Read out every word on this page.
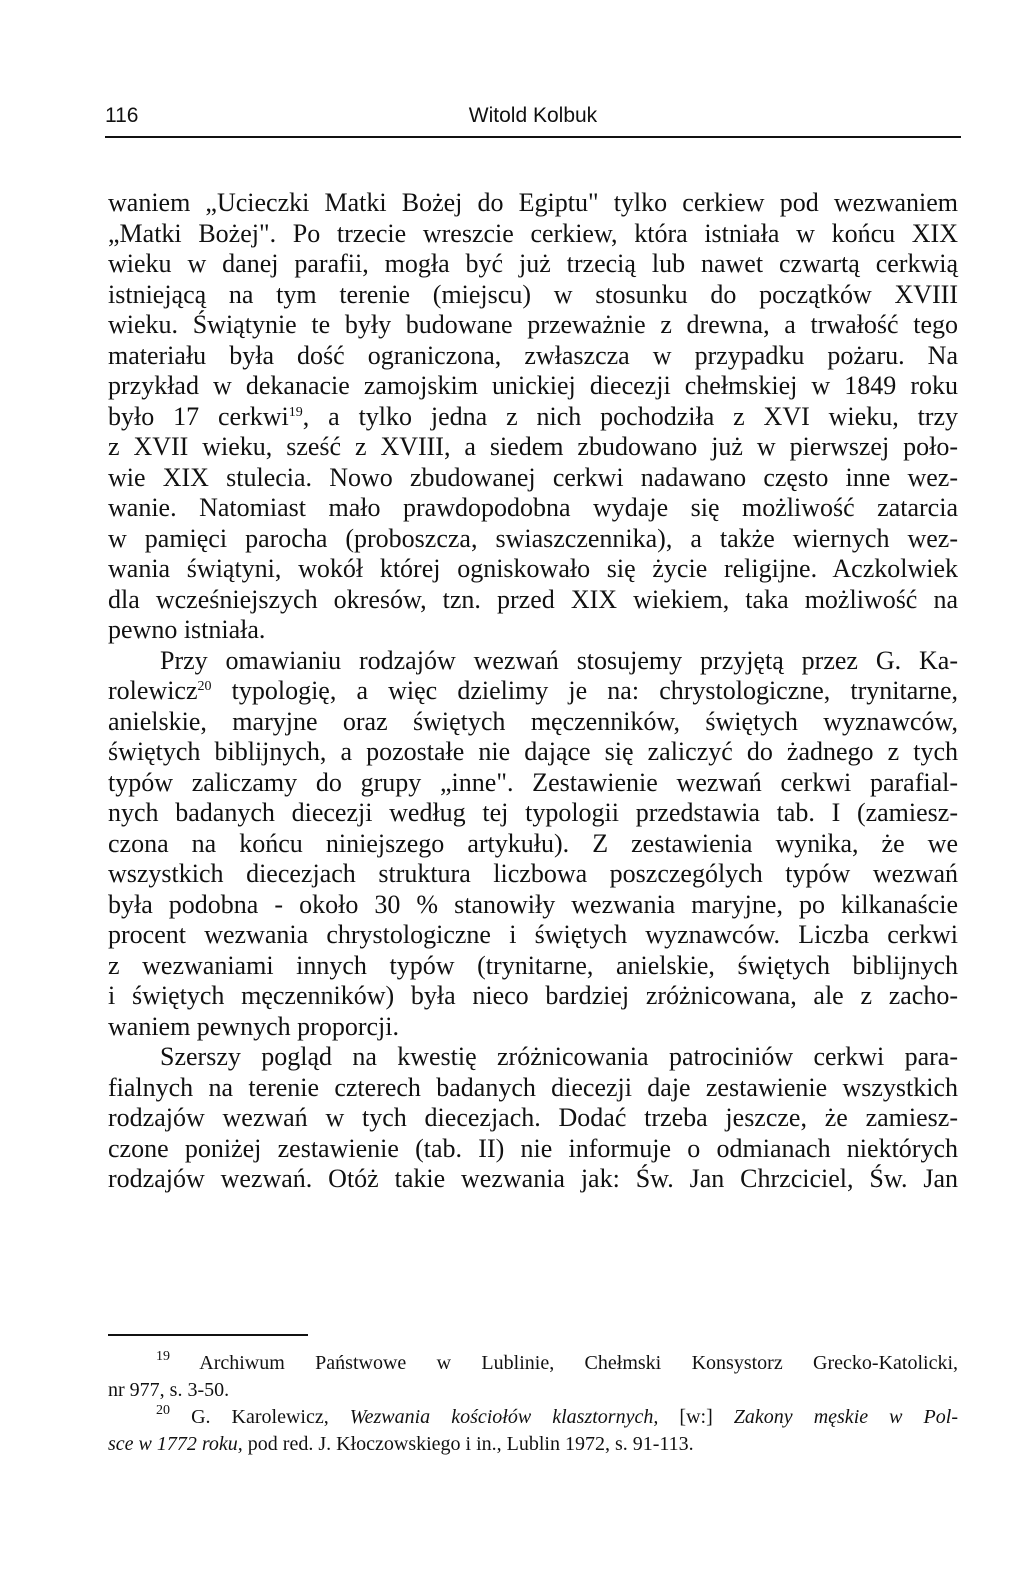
116	Witold Kolbuk
waniem „Ucieczki Matki Bożej do Egiptu" tylko cerkiew pod wezwaniem
„Matki Bożej". Po trzecie wreszcie cerkiew, która istniała w końcu XIX
wieku w danej parafii, mogła być już trzecią lub nawet czwartą cerkwią
istniejącą na tym terenie (miejscu) w stosunku do początków XVIII
wieku. Świątynie te były budowane przeważnie z drewna, a trwałość tego
materiału była dość ograniczona, zwłaszcza w przypadku pożaru. Na
przykład w dekanacie zamojskim unickiej diecezji chełmskiej w 1849 roku
było 17 cerkwi$^{19}$, a tylko jedna z nich pochodziła z XVI wieku, trzy
z XVII wieku, sześć z XVIII, a siedem zbudowano już w pierwszej poło-
wie XIX stulecia. Nowo zbudowanej cerkwi nadawano często inne wez-
wanie. Natomiast mało prawdopodobna wydaje się możliwość zatarcia
w pamięci parocha (proboszcza, swiaszczennika), a także wiernych wez-
wania świątyni, wokół której ogniskowało się życie religijne. Aczkolwiek
dla wcześniejszych okresów, tzn. przed XIX wiekiem, taka możliwość na
pewno istniała.
Przy omawianiu rodzajów wezwań stosujemy przyjętą przez G. Ka-
rolewicz$^{20}$ typologię, a więc dzielimy je na: chrystologiczne, trynitarne,
anielskie, maryjne oraz świętych męczenników, świętych wyznawców,
świętych biblijnych, a pozostałe nie dające się zaliczyć do żadnego z tych
typów zaliczamy do grupy „inne". Zestawienie wezwań cerkwi parafial-
nych badanych diecezji według tej typologii przedstawia tab. I (zamiesz-
czona na końcu niniejszego artykułu). Z zestawienia wynika, że we
wszystkich diecezjach struktura liczbowa poszczególych typów wezwań
była podobna - około 30 % stanowiły wezwania maryjne, po kilkanaście
procent wezwania chrystologiczne i świętych wyznawców. Liczba cerkwi
z wezwaniami innych typów (trynitarne, anielskie, świętych biblijnych
i świętych męczenników) była nieco bardziej zróżnicowana, ale z zacho-
waniem pewnych proporcji.
Szerszy pogląd na kwestię zróżnicowania patrociniów cerkwi para-
fialnych na terenie czterech badanych diecezji daje zestawienie wszystkich
rodzajów wezwań w tych diecezjach. Dodać trzeba jeszcze, że zamiesz-
czone poniżej zestawienie (tab. II) nie informuje o odmianach niektórych
rodzajów wezwań. Otóż takie wezwania jak: Św. Jan Chrzciciel, Św. Jan
$^{19}$ Archiwum Państwowe w Lublinie, Chełmski Konsystorz Grecko-Katolicki,
nr 977, s. 3-50.
$^{20}$ G. Karolewicz, Wezwania kościołów klasztornych, [w:] Zakony męskie w Pol-
sce w 1772 roku, pod red. J. Kłoczowskiego i in., Lublin 1972, s. 91-113.
